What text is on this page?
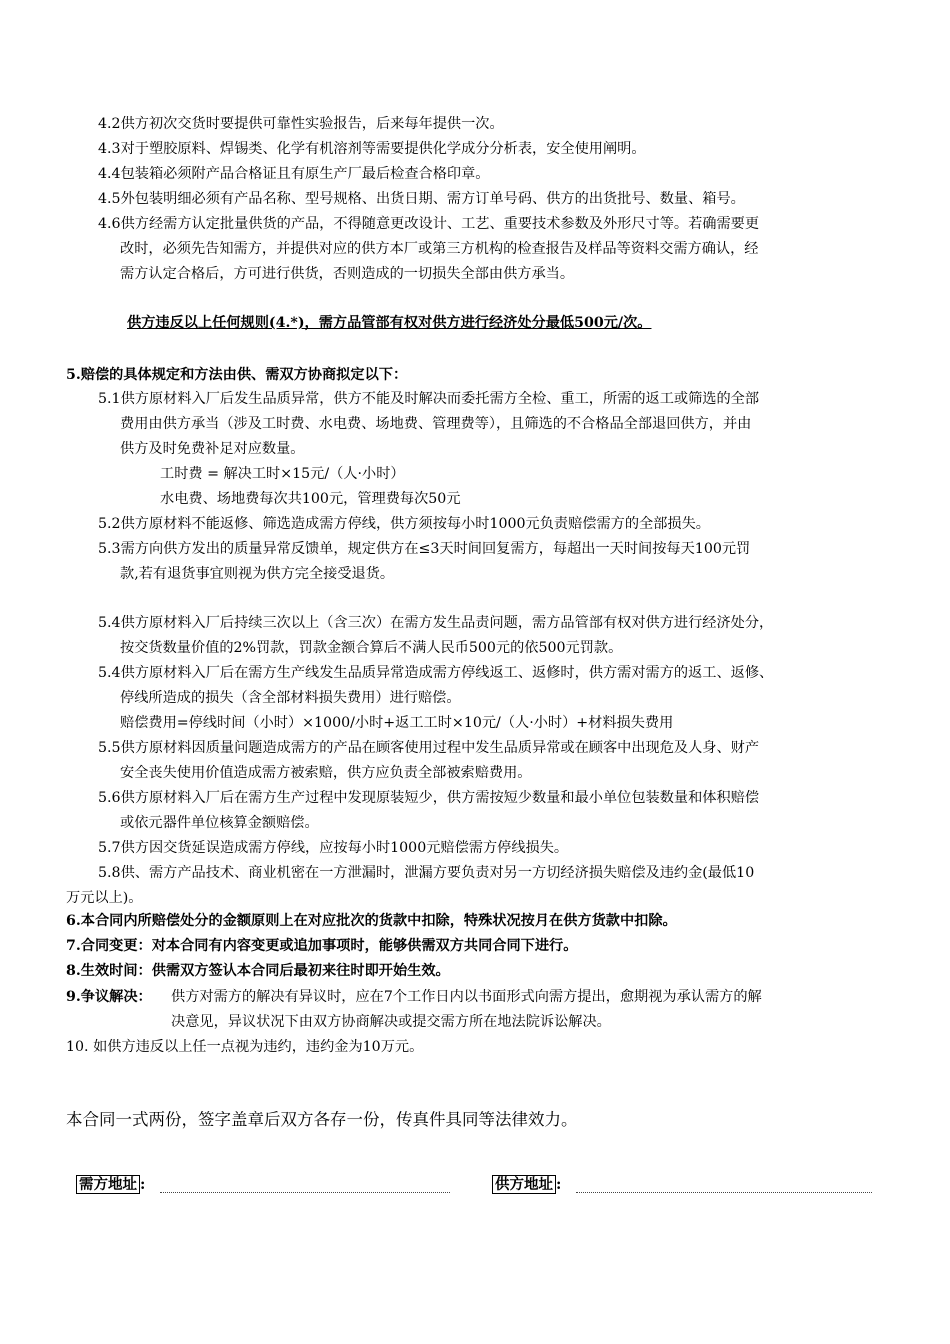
4.2供方初次交货时要提供可靠性实验报告，后来每年提供一次。
4.3对于塑胶原料、焊锡类、化学有机溶剂等需要提供化学成分分析表，安全使用阐明。
4.4包装箱必须附产品合格证且有原生产厂最后检查合格印章。
4.5外包装明细必须有产品名称、型号规格、出货日期、需方订单号码、供方的出货批号、数量、箱号。
4.6供方经需方认定批量供货的产品，不得随意更改设计、工艺、重要技术参数及外形尺寸等。若确需要更
改时，必须先告知需方，并提供对应的供方本厂或第三方机构的检查报告及样品等资料交需方确认，经
需方认定合格后，方可进行供货，否则造成的一切损失全部由供方承当。
供方违反以上任何规则(4.*)，需方品管部有权对供方进行经济处分最低500元/次。
5.赔偿的具体规定和方法由供、需双方协商拟定以下：
5.1供方原材料入厂后发生品质异常，供方不能及时解决而委托需方全检、重工，所需的返工或筛选的全部
费用由供方承当（涉及工时费、水电费、场地费、管理费等），且筛选的不合格品全部退回供方，并由
供方及时免费补足对应数量。
工时费 = 解决工时×15元/（人·小时）
水电费、场地费每次共100元，管理费每次50元
5.2供方原材料不能返修、筛选造成需方停线，供方须按每小时1000元负责赔偿需方的全部损失。
5.3需方向供方发出的质量异常反馈单，规定供方在≤3天时间回复需方，每超出一天时间按每天100元罚
款,若有退货事宜则视为供方完全接受退货。
5.4供方原材料入厂后持续三次以上（含三次）在需方发生品责问题，需方品管部有权对供方进行经济处分，
按交货数量价值的2%罚款，罚款金额合算后不满人民币500元的依500元罚款。
5.4供方原材料入厂后在需方生产线发生品质异常造成需方停线返工、返修时，供方需对需方的返工、返修、
停线所造成的损失（含全部材料损失费用）进行赔偿。
赔偿费用=停线时间（小时）×1000/小时+返工工时×10元/（人·小时）+材料损失费用
5.5供方原材料因质量问题造成需方的产品在顾客使用过程中发生品质异常或在顾客中出现危及人身、财产
安全丧失使用价值造成需方被索赔，供方应负责全部被索赔费用。
5.6供方原材料入厂后在需方生产过程中发现原装短少，供方需按短少数量和最小单位包装数量和体积赔偿
或依元器件单位核算金额赔偿。
5.7供方因交货延误造成需方停线，应按每小时1000元赔偿需方停线损失。
5.8供、需方产品技术、商业机密在一方泄漏时，泄漏方要负责对另一方切经济损失赔偿及违约金(最低10
万元以上)。
6.本合同内所赔偿处分的金额原则上在对应批次的货款中扣除，特殊状况按月在供方货款中扣除。
7.合同变更：对本合同有内容变更或追加事项时，能够供需双方共同合同下进行。
8.生效时间：供需双方签认本合同后最初来往时即开始生效。
9.争议解决： 供方对需方的解决有异议时，应在7个工作日内以书面形式向需方提出，愈期视为承认需方的解
决意见，异议状况下由双方协商解决或提交需方所在地法院诉讼解决。
10. 如供方违反以上任一点视为违约，违约金为10万元。
本合同一式两份，签字盖章后双方各存一份，传真件具同等法律效力。
需方地址 :	供方地址 :
